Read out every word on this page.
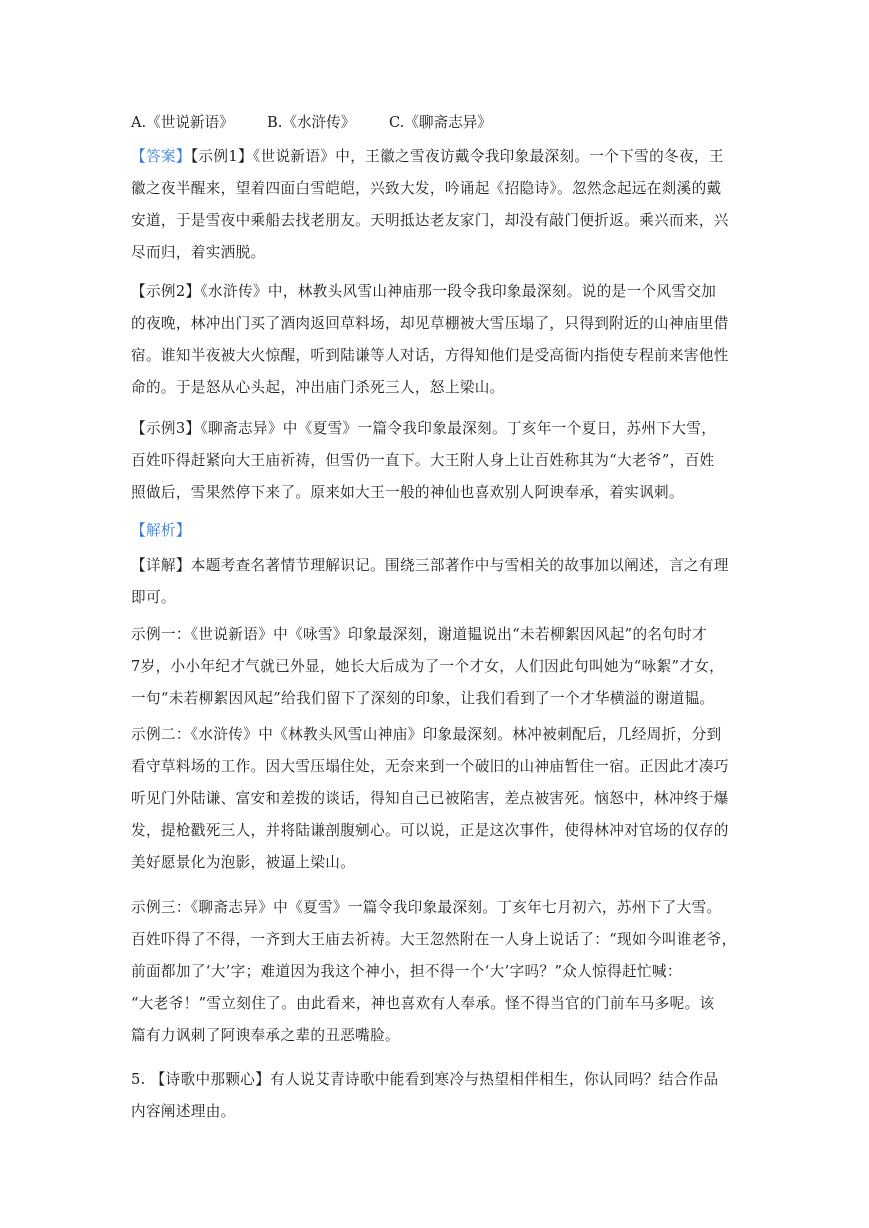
A.《世说新语》 B.《水浒传》 C.《聊斋志异》
【答案】【示例1】《世说新语》中，王徽之雪夜访戴令我印象最深刻。一个下雪的冬夜，王
徽之夜半醒来，望着四面白雪皑皑，兴致大发，吟诵起《招隐诗》。忽然念起远在剡溪的戴
安道，于是雪夜中乘船去找老朋友。天明抵达老友家门，却没有敲门便折返。乘兴而来，兴
尽而归，着实洒脱。
【示例2】《水浒传》中，林教头风雪山神庙那一段令我印象最深刻。说的是一个风雪交加
的夜晚，林冲出门买了酒肉返回草料场，却见草棚被大雪压塌了，只得到附近的山神庙里借
宿。谁知半夜被大火惊醒，听到陆谦等人对话，方得知他们是受高衙内指使专程前来害他性
命的。于是怒从心头起，冲出庙门杀死三人，怒上梁山。
【示例3】《聊斋志异》中《夏雪》一篇令我印象最深刻。丁亥年一个夏日，苏州下大雪，
百姓吓得赶紧向大王庙祈祷，但雪仍一直下。大王附人身上让百姓称其为“大老爷”，百姓
照做后，雪果然停下来了。原来如大王一般的神仙也喜欢别人阿谀奉承，着实讽刺。
【解析】
【详解】本题考查名著情节理解识记。围绕三部著作中与雪相关的故事加以阐述，言之有理
即可。
示例一：《世说新语》中《咏雪》印象最深刻，谢道韫说出“未若柳絮因风起”的名句时才
7岁，小小年纪才气就已外显，她长大后成为了一个才女，人们因此句叫她为“咏絮”才女，
一句“未若柳絮因风起”给我们留下了深刻的印象，让我们看到了一个才华横溢的谢道韫。
示例二：《水浒传》中《林教头风雪山神庙》印象最深刻。林冲被刺配后，几经周折，分到
看守草料场的工作。因大雪压塌住处，无奈来到一个破旧的山神庙暂住一宿。正因此才凑巧
听见门外陆谦、富安和差拨的谈话，得知自己已被陷害，差点被害死。恼怒中，林冲终于爆
发，提枪戳死三人，并将陆谦剖腹剜心。可以说，正是这次事件，使得林冲对官场的仅存的
美好愿景化为泡影，被逼上梁山。
示例三：《聊斋志异》中《夏雪》一篇令我印象最深刻。丁亥年七月初六，苏州下了大雪。
百姓吓得了不得，一齐到大王庙去祈祷。大王忽然附在一人身上说话了：“现如今叫谁老爷，
前面都加了‘大’字；难道因为我这个神小，担不得一个‘大’字吗？”众人惊得赶忙喊：
“大老爷！”雪立刻住了。由此看来，神也喜欢有人奉承。怪不得当官的门前车马多呢。该
篇有力讽刺了阿谀奉承之辈的丑恶嘴脸。
5. 【诗歌中那颗心】有人说艾青诗歌中能看到寒冷与热望相伴相生，你认同吗？结合作品
内容阐述理由。
